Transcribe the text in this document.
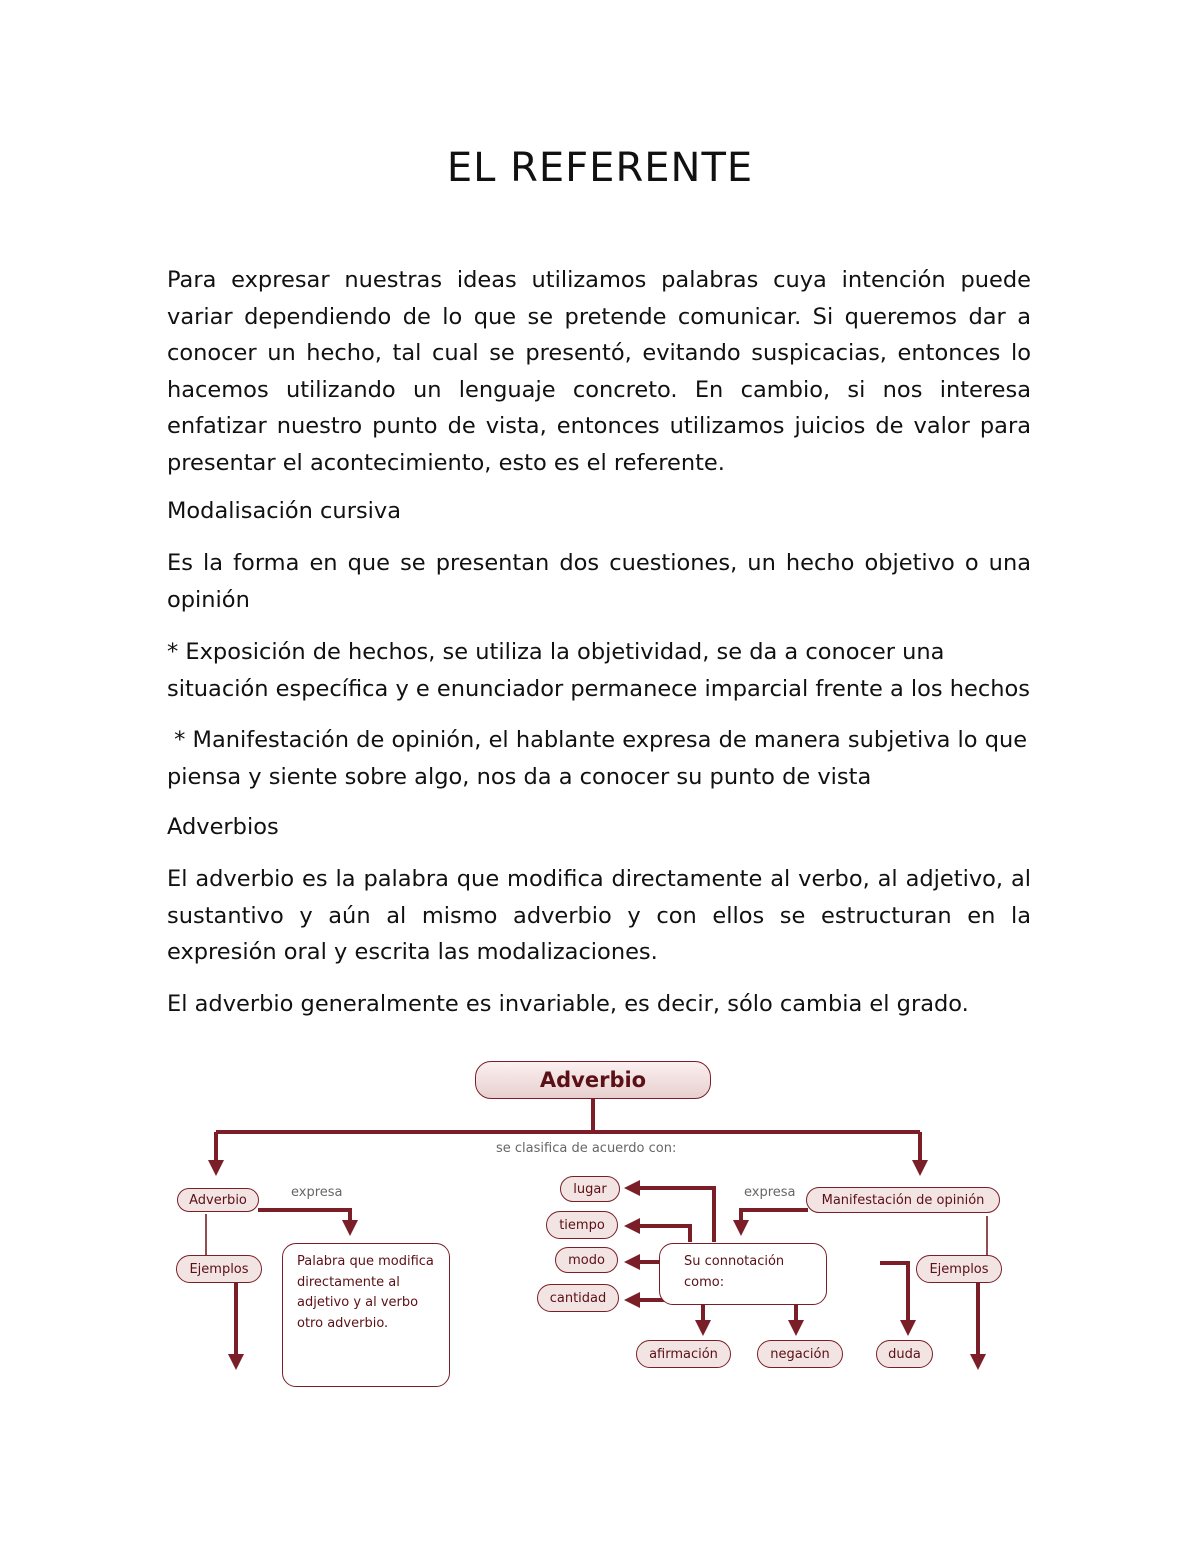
EL REFERENTE
Para expresar nuestras ideas utilizamos palabras cuya intención puede variar dependiendo de lo que se pretende comunicar. Si queremos dar a conocer un hecho, tal cual se presentó, evitando suspicacias, entonces lo hacemos utilizando un lenguaje concreto. En cambio, si nos interesa enfatizar nuestro punto de vista, entonces utilizamos juicios de valor para presentar el acontecimiento, esto es el referente.
Modalisación cursiva
Es la forma en que se presentan dos cuestiones, un hecho objetivo o una opinión
* Exposición de hechos, se utiliza la objetividad, se da a conocer una situación específica y e enunciador permanece imparcial frente a los hechos
* Manifestación de opinión, el hablante expresa de manera subjetiva lo que piensa y siente sobre algo, nos da a conocer su punto de vista
Adverbios
El adverbio es la palabra que modifica directamente al verbo, al adjetivo, al sustantivo y aún al mismo adverbio y con ellos se estructuran en la expresión oral y escrita las modalizaciones.
El adverbio generalmente es invariable, es decir, sólo cambia el grado.
Adverbio
se clasifica de acuerdo con:
Adverbio	expresa
Ejemplos	Palabra que modifica directamente al adjetivo y al verbo otro adverbio.
lugar
tiempo
modo
cantidad
Su connotación como:
expresa	Manifestación de opinión
Ejemplos
afirmación	negación	duda
